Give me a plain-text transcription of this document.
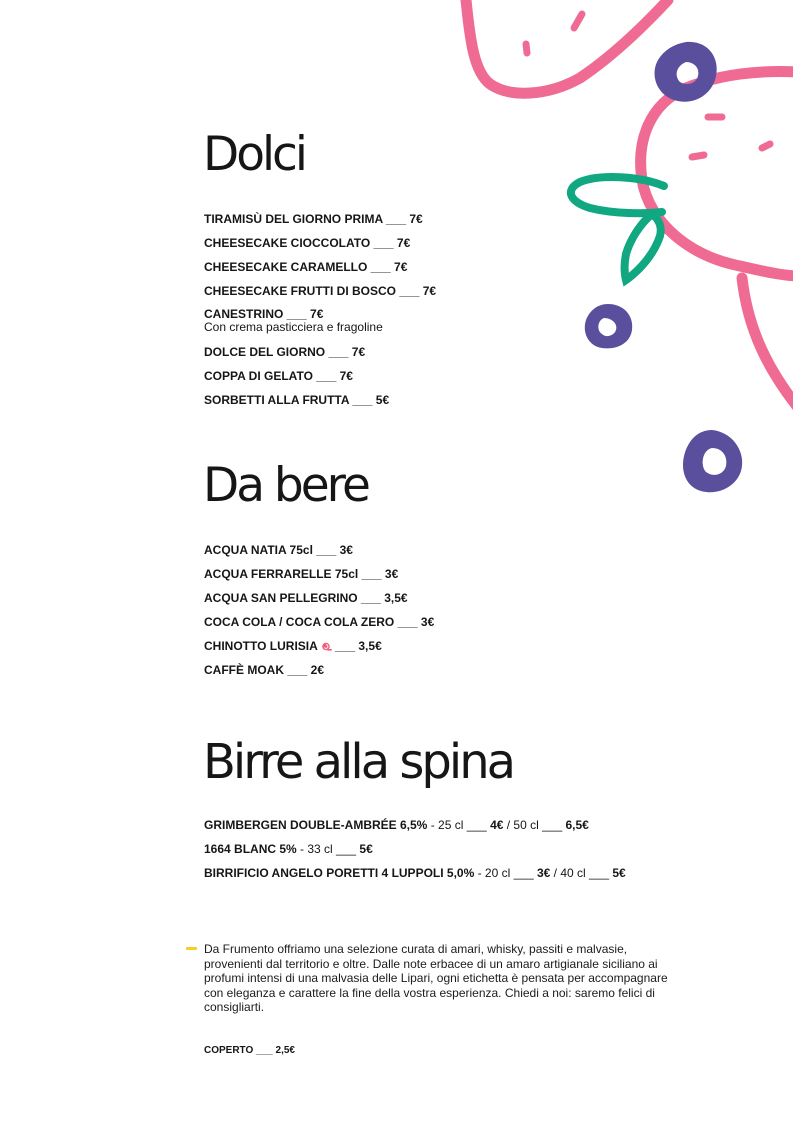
Dolci
TIRAMISÙ DEL GIORNO PRIMA ___ 7€
CHEESECAKE CIOCCOLATO ___ 7€
CHEESECAKE CARAMELLO ___ 7€
CHEESECAKE FRUTTI DI BOSCO ___ 7€
CANESTRINO ___ 7€
Con crema pasticciera e fragoline
DOLCE DEL GIORNO ___ 7€
COPPA DI GELATO ___ 7€
SORBETTI ALLA FRUTTA ___ 5€
Da bere
ACQUA NATIA 75cl ___ 3€
ACQUA FERRARELLE 75cl ___ 3€
ACQUA SAN PELLEGRINO ___ 3,5€
COCA COLA / COCA COLA ZERO ___ 3€
CHINOTTO LURISIA  ___ 3,5€
CAFFÈ MOAK ___ 2€
Birre alla spina
GRIMBERGEN DOUBLE-AMBRÉE 6,5% - 25 cl ___ 4€ / 50 cl ___ 6,5€
1664 BLANC 5% - 33 cl ___ 5€
BIRRIFICIO ANGELO PORETTI 4 LUPPOLI 5,0% - 20 cl ___ 3€ / 40 cl ___ 5€

Da Frumento offriamo una selezione curata di amari, whisky, passiti e malvasie, provenienti dal territorio e oltre. Dalle note erbacee di un amaro artigianale siciliano ai profumi intensi di una malvasia delle Lipari, ogni etichetta è pensata per accompagnare con eleganza e carattere la fine della vostra esperienza. Chiedi a noi: saremo felici di consigliarti.

COPERTO ___ 2,5€
